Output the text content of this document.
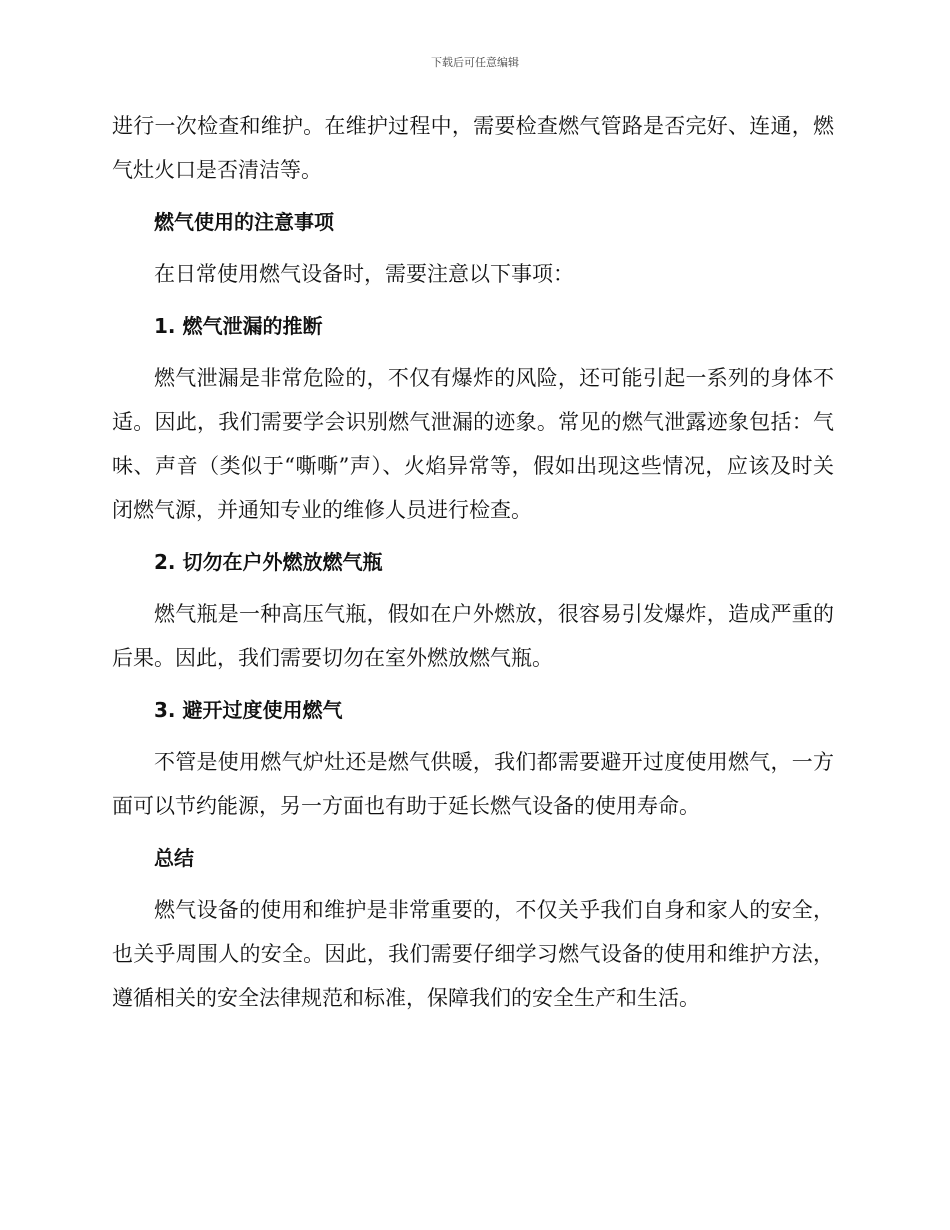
下载后可任意编辑

进行一次检查和维护。在维护过程中，需要检查燃气管路是否完好、连通，燃气灶火口是否清洁等。

燃气使用的注意事项

在日常使用燃气设备时，需要注意以下事项：

1. 燃气泄漏的推断

燃气泄漏是非常危险的，不仅有爆炸的风险，还可能引起一系列的身体不适。因此，我们需要学会识别燃气泄漏的迹象。常见的燃气泄露迹象包括：气味、声音（类似于“嘶嘶”声）、火焰异常等，假如出现这些情况，应该及时关闭燃气源，并通知专业的维修人员进行检查。

2. 切勿在户外燃放燃气瓶

燃气瓶是一种高压气瓶，假如在户外燃放，很容易引发爆炸，造成严重的后果。因此，我们需要切勿在室外燃放燃气瓶。

3. 避开过度使用燃气

不管是使用燃气炉灶还是燃气供暖，我们都需要避开过度使用燃气，一方面可以节约能源，另一方面也有助于延长燃气设备的使用寿命。

总结

燃气设备的使用和维护是非常重要的，不仅关乎我们自身和家人的安全，也关乎周围人的安全。因此，我们需要仔细学习燃气设备的使用和维护方法，遵循相关的安全法律规范和标准，保障我们的安全生产和生活。
